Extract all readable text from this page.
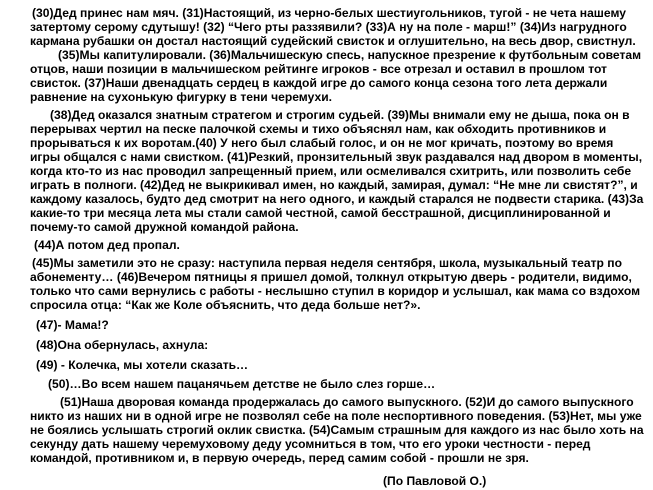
(30)Дед принес нам мяч. (31)Настоящий, из черно-белых шестиугольников, тугой - не чета нашему затертому серому сдутышу! (32) “Чего рты раззявили? (33)А ну на поле - марш!” (34)Из нагрудного кармана рубашки он достал настоящий судейский свисток и оглушительно, на весь двор, свистнул.

(35)Мы капитулировали. (36)Мальчишескую спесь, напускное презрение к футбольным советам отцов, наши позиции в мальчишеском рейтинге игроков - все отрезал и оставил в прошлом тот свисток. (37)Наши двенадцать сердец в каждой игре до самого конца сезона того лета держали равнение на сухонькую фигурку в тени черемухи.

(38)Дед оказался знатным стратегом и строгим судьей. (39)Мы внимали ему не дыша, пока он в перерывах чертил на песке палочкой схемы и тихо объяснял нам, как обходить противников и прорываться к их воротам.(40) У него был слабый голос, и он не мог кричать, поэтому во время игры общался с нами свистком. (41)Резкий, пронзительный звук раздавался над двором в моменты, когда кто-то из нас проводил запрещенный прием, или осмеливался схитрить, или позволить себе играть в полноги. (42)Дед не выкрикивал имен, но каждый, замирая, думал: “Не мне ли свистят?”, и каждому казалось, будто дед смотрит на него одного, и каждый старался не подвести старика. (43)За какие-то три месяца лета мы стали самой честной, самой бесстрашной, дисциплинированной и почему-то самой дружной командой района.

(44)А потом дед пропал.

(45)Мы заметили это не сразу: наступила первая неделя сентября, школа, музыкальный театр по абонементу… (46)Вечером пятницы я пришел домой, толкнул открытую дверь - родители, видимо, только что сами вернулись с работы - неслышно ступил в коридор и услышал, как мама со вздохом спросила отца: “Как же Коле объяснить, что деда больше нет?».

(47)- Мама!?

(48)Она обернулась, ахнула:

(49) - Колечка, мы хотели сказать…

(50)…Во всем нашем пацанячьем детстве не было слез горше…

(51)Наша дворовая команда продержалась до самого выпускного. (52)И до самого выпускного никто из наших ни в одной игре не позволял себе на поле неспортивного поведения. (53)Нет, мы уже не боялись услышать строгий оклик свистка. (54)Самым страшным для каждого из нас было хоть на секунду дать нашему черемуховому деду усомниться в том, что его уроки честности - перед командой, противником и, в первую очередь, перед самим собой - прошли не зря.

(По Павловой О.)
